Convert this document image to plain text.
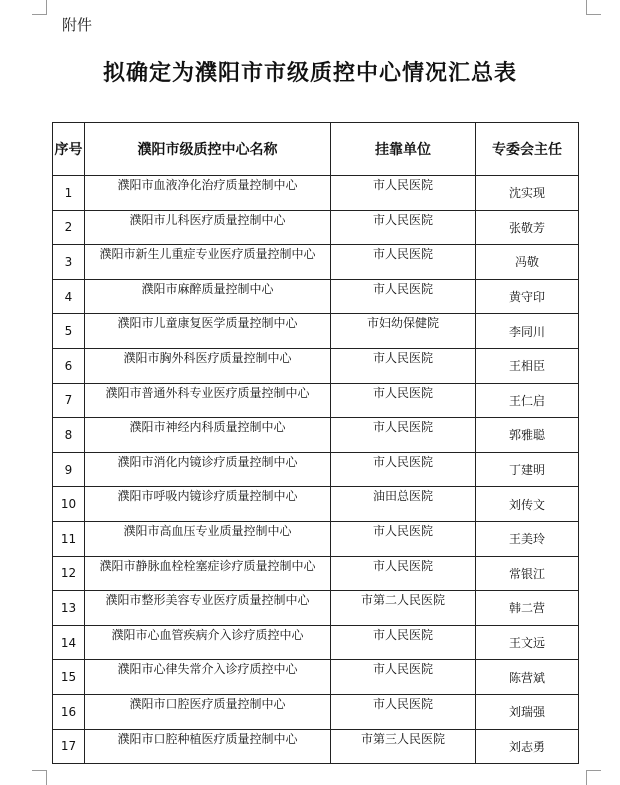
附件
拟确定为濮阳市市级质控中心情况汇总表
序号	濮阳市级质控中心名称	挂靠单位	专委会主任
1	濮阳市血液净化治疗质量控制中心	市人民医院	沈实现
2	濮阳市儿科医疗质量控制中心	市人民医院	张敬芳
3	濮阳市新生儿重症专业医疗质量控制中心	市人民医院	冯敬
4	濮阳市麻醉质量控制中心	市人民医院	黄守印
5	濮阳市儿童康复医学质量控制中心	市妇幼保健院	李同川
6	濮阳市胸外科医疗质量控制中心	市人民医院	王相臣
7	濮阳市普通外科专业医疗质量控制中心	市人民医院	王仁启
8	濮阳市神经内科质量控制中心	市人民医院	郭雅聪
9	濮阳市消化内镜诊疗质量控制中心	市人民医院	丁建明
10	濮阳市呼吸内镜诊疗质量控制中心	油田总医院	刘传文
11	濮阳市高血压专业质量控制中心	市人民医院	王美玲
12	濮阳市静脉血栓栓塞症诊疗质量控制中心	市人民医院	常银江
13	濮阳市整形美容专业医疗质量控制中心	市第二人民医院	韩二营
14	濮阳市心血管疾病介入诊疗质控中心	市人民医院	王文远
15	濮阳市心律失常介入诊疗质控中心	市人民医院	陈营斌
16	濮阳市口腔医疗质量控制中心	市人民医院	刘瑞强
17	濮阳市口腔种植医疗质量控制中心	市第三人民医院	刘志勇
